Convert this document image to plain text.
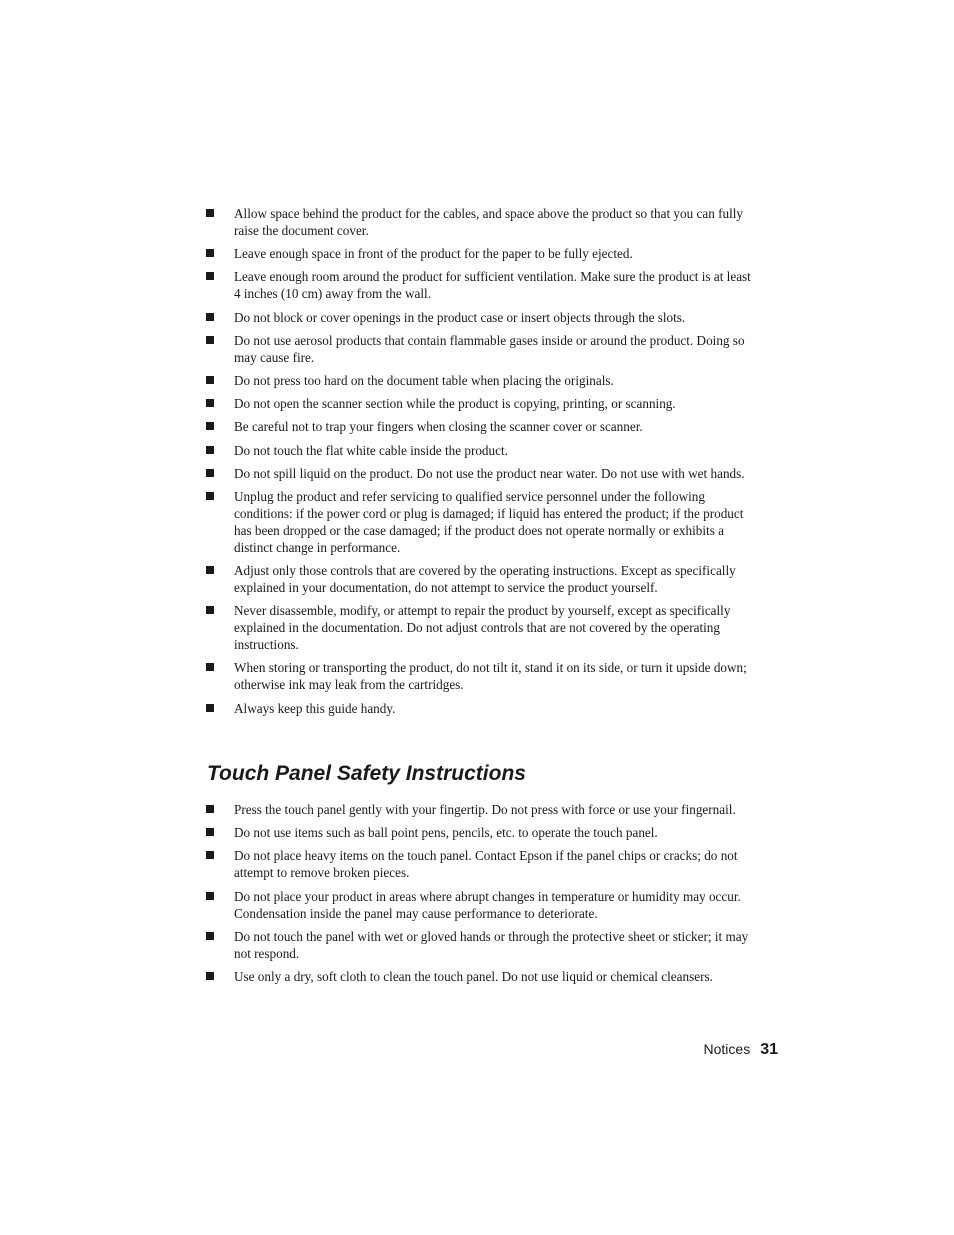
Allow space behind the product for the cables, and space above the product so that you can fully raise the document cover.
Leave enough space in front of the product for the paper to be fully ejected.
Leave enough room around the product for sufficient ventilation. Make sure the product is at least 4 inches (10 cm) away from the wall.
Do not block or cover openings in the product case or insert objects through the slots.
Do not use aerosol products that contain flammable gases inside or around the product. Doing so may cause fire.
Do not press too hard on the document table when placing the originals.
Do not open the scanner section while the product is copying, printing, or scanning.
Be careful not to trap your fingers when closing the scanner cover or scanner.
Do not touch the flat white cable inside the product.
Do not spill liquid on the product. Do not use the product near water. Do not use with wet hands.
Unplug the product and refer servicing to qualified service personnel under the following conditions: if the power cord or plug is damaged; if liquid has entered the product; if the product has been dropped or the case damaged; if the product does not operate normally or exhibits a distinct change in performance.
Adjust only those controls that are covered by the operating instructions. Except as specifically explained in your documentation, do not attempt to service the product yourself.
Never disassemble, modify, or attempt to repair the product by yourself, except as specifically explained in the documentation. Do not adjust controls that are not covered by the operating instructions.
When storing or transporting the product, do not tilt it, stand it on its side, or turn it upside down; otherwise ink may leak from the cartridges.
Always keep this guide handy.
Touch Panel Safety Instructions
Press the touch panel gently with your fingertip. Do not press with force or use your fingernail.
Do not use items such as ball point pens, pencils, etc. to operate the touch panel.
Do not place heavy items on the touch panel. Contact Epson if the panel chips or cracks; do not attempt to remove broken pieces.
Do not place your product in areas where abrupt changes in temperature or humidity may occur. Condensation inside the panel may cause performance to deteriorate.
Do not touch the panel with wet or gloved hands or through the protective sheet or sticker; it may not respond.
Use only a dry, soft cloth to clean the touch panel. Do not use liquid or chemical cleansers.
Notices 31
